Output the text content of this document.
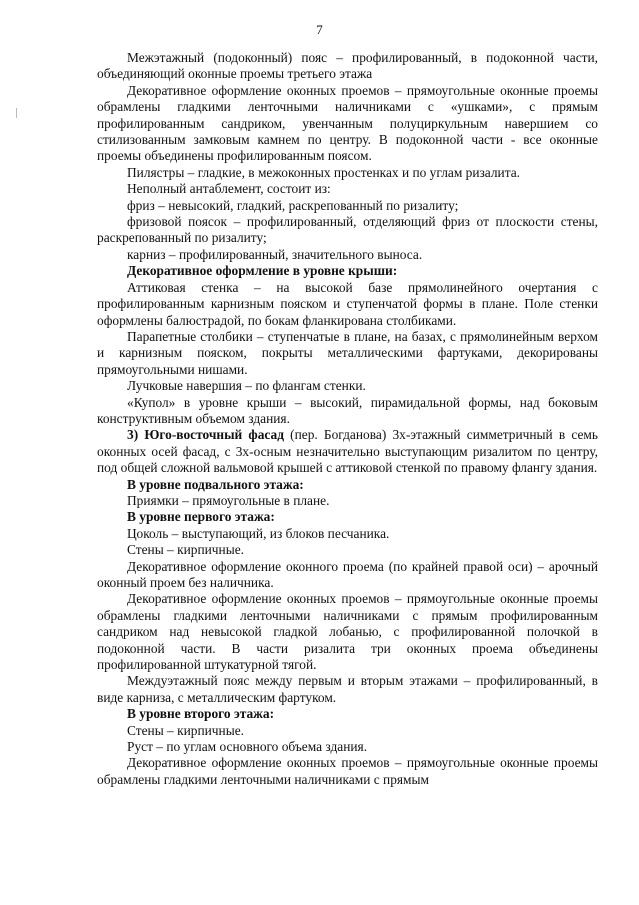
7

Межэтажный (подоконный) пояс – профилированный, в подоконной части, объединяющий оконные проемы третьего этажа

Декоративное оформление оконных проемов – прямоугольные оконные проемы обрамлены гладкими ленточными наличниками с «ушками», с прямым профилированным сандриком, увенчанным полуциркульным навершием со стилизованным замковым камнем по центру. В подоконной части - все оконные проемы объединены профилированным поясом.

Пилястры – гладкие, в межоконных простенках и по углам ризалита.

Неполный антаблемент, состоит из:

фриз – невысокий, гладкий, раскрепованный по ризалиту;

фризовой поясок – профилированный, отделяющий фриз от плоскости стены, раскрепованный по ризалиту;

карниз – профилированный, значительного выноса.

Декоративное оформление в уровне крыши:

Аттиковая стенка – на высокой базе прямолинейного очертания с профилированным карнизным пояском и ступенчатой формы в плане. Поле стенки оформлены балюстрадой, по бокам фланкирована столбиками.

Парапетные столбики – ступенчатые в плане, на базах, с прямолинейным верхом и карнизным пояском, покрыты металлическими фартуками, декорированы прямоугольными нишами.

Лучковые навершия – по флангам стенки.

«Купол» в уровне крыши – высокий, пирамидальной формы, над боковым конструктивным объемом здания.

3) Юго-восточный фасад (пер. Богданова) 3х-этажный симметричный в семь оконных осей фасад, с 3х-осным незначительно выступающим ризалитом по центру, под общей сложной вальмовой крышей с аттиковой стенкой по правому флангу здания.

В уровне подвального этажа:

Приямки – прямоугольные в плане.

В уровне первого этажа:

Цоколь – выступающий, из блоков песчаника.

Стены – кирпичные.

Декоративное оформление оконного проема (по крайней правой оси) – арочный оконный проем без наличника.

Декоративное оформление оконных проемов – прямоугольные оконные проемы обрамлены гладкими ленточными наличниками с прямым профилированным сандриком над невысокой гладкой лобанью, с профилированной полочкой в подоконной части. В части ризалита три оконных проема объединены профилированной штукатурной тягой.

Междуэтажный пояс между первым и вторым этажами – профилированный, в виде карниза, с металлическим фартуком.

В уровне второго этажа:

Стены – кирпичные.

Руст – по углам основного объема здания.

Декоративное оформление оконных проемов – прямоугольные оконные проемы обрамлены гладкими ленточными наличниками с прямым
